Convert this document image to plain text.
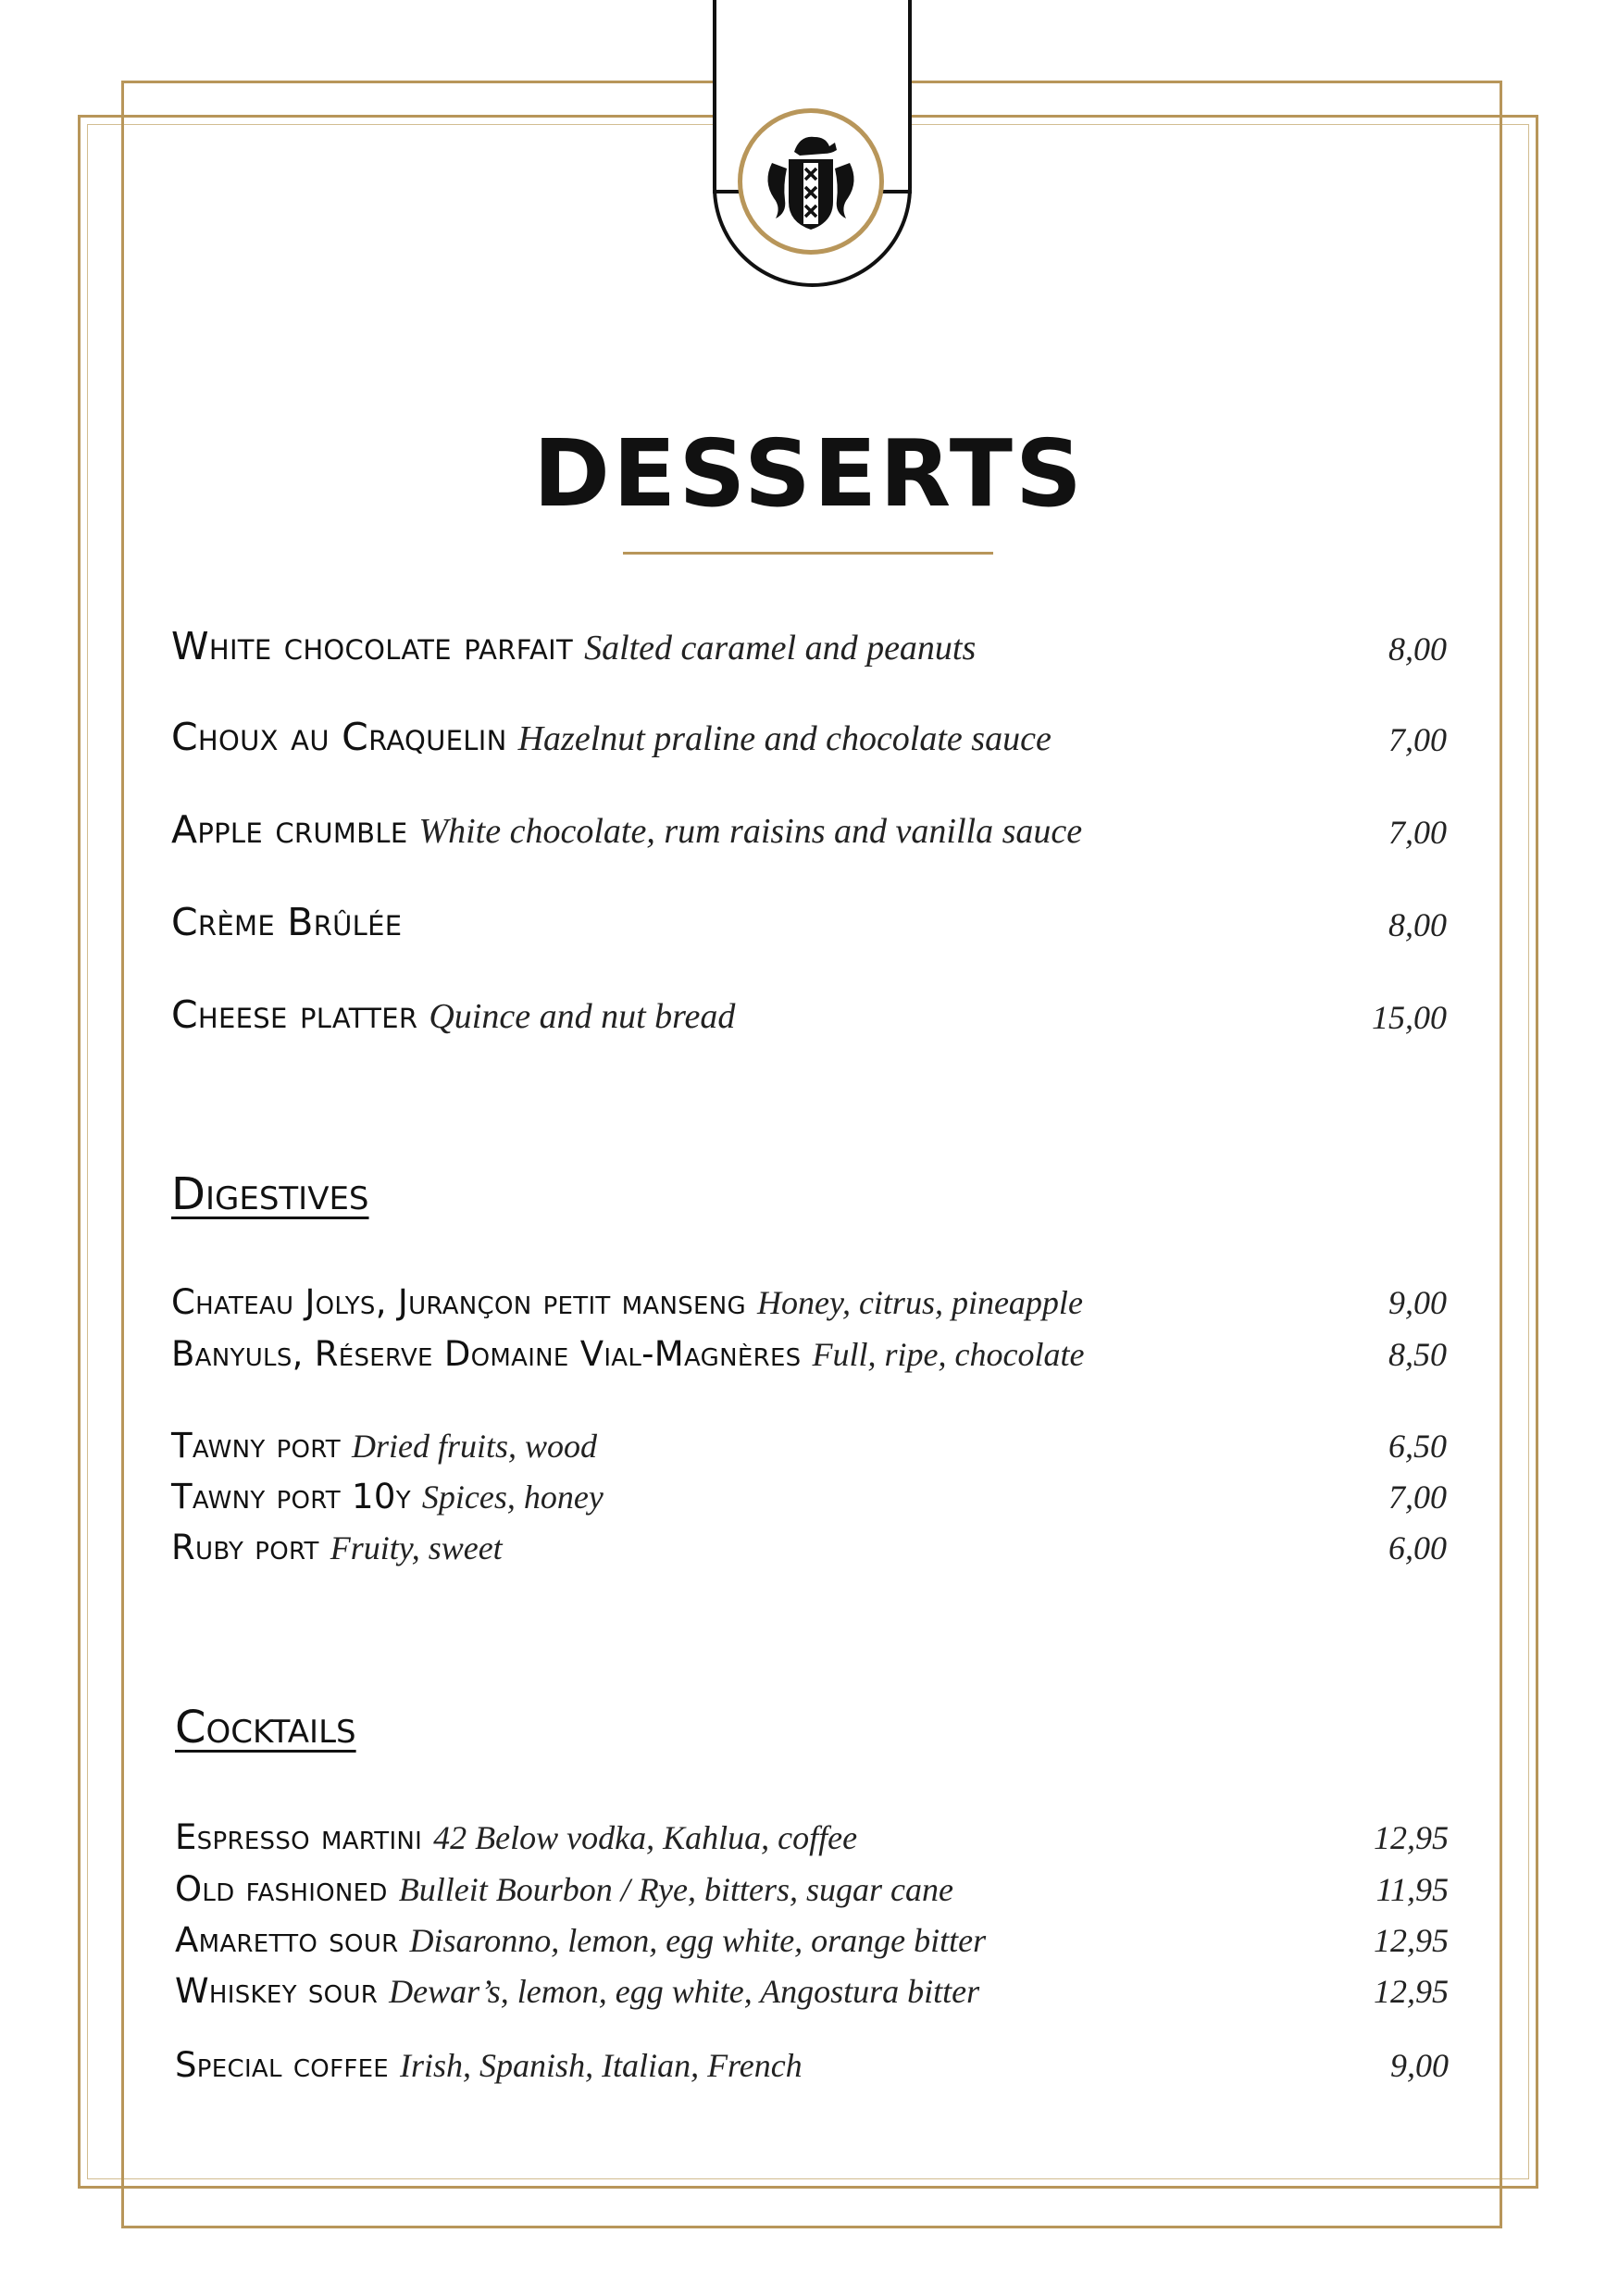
DESSERTS
White chocolate parfait Salted caramel and peanuts	8,00
Choux au Craquelin Hazelnut praline and chocolate sauce	7,00
Apple crumble White chocolate, rum raisins and vanilla sauce	7,00
Crème Brûlée	8,00
Cheese platter Quince and nut bread	15,00
Digestives
Chateau Jolys, Jurançon petit manseng Honey, citrus, pineapple	9,00
Banyuls, Réserve Domaine Vial-Magnères Full, ripe, chocolate	8,50
Tawny port Dried fruits, wood	6,50
Tawny port 10y Spices, honey	7,00
Ruby port Fruity, sweet	6,00
Cocktails
Espresso martini 42 Below vodka, Kahlua, coffee	12,95
Old fashioned Bulleit Bourbon / Rye, bitters, sugar cane	11,95
Amaretto sour Disaronno, lemon, egg white, orange bitter	12,95
Whiskey sour Dewar’s, lemon, egg white, Angostura bitter	12,95
Special coffee Irish, Spanish, Italian, French	9,00
